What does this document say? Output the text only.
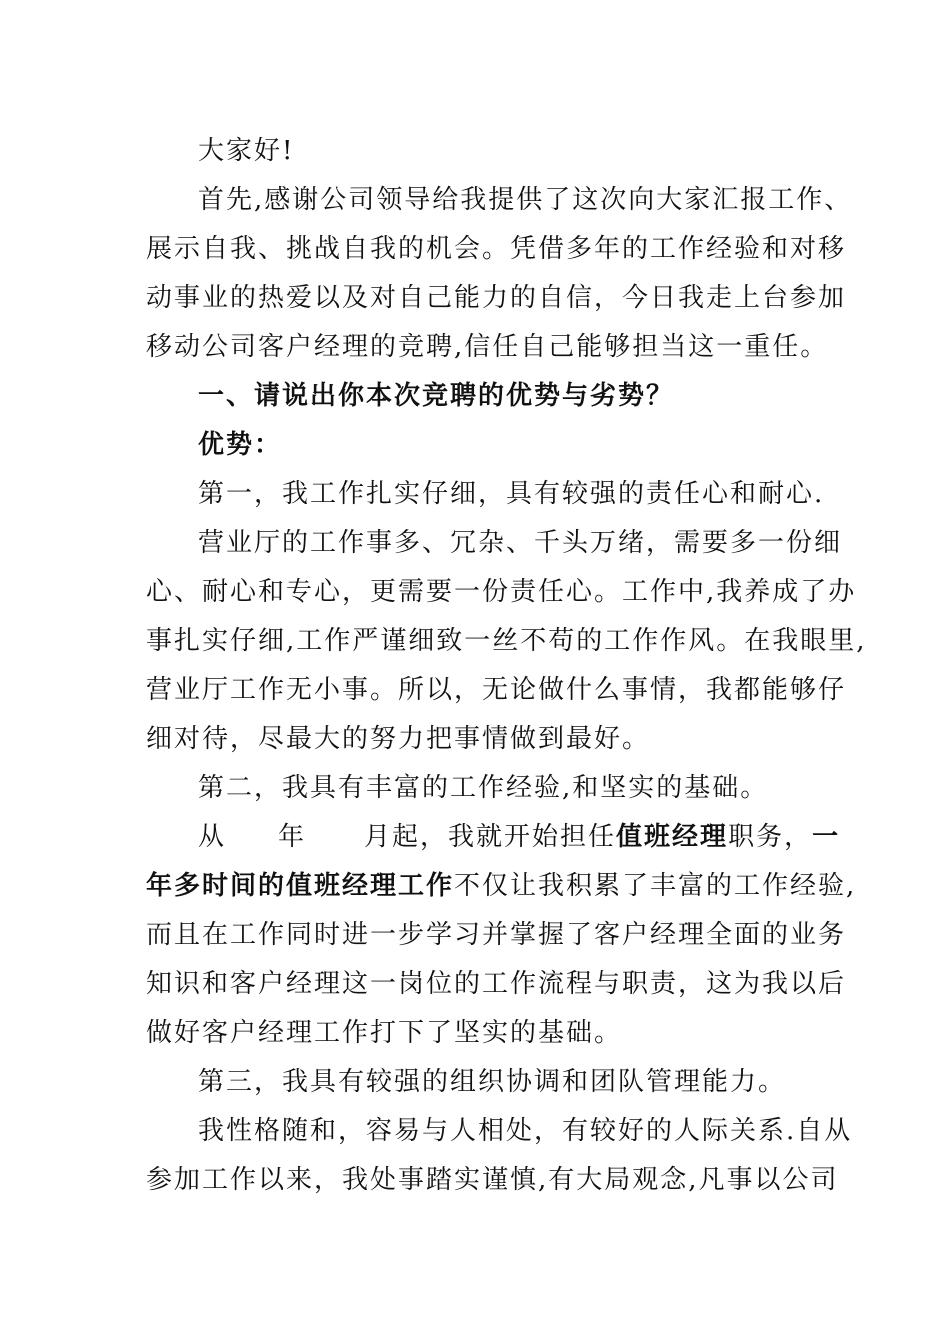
大家好!
首先,感谢公司领导给我提供了这次向大家汇报工作、
展示自我、挑战自我的机会。凭借多年的工作经验和对移
动事业的热爱以及对自己能力的自信，今日我走上台参加
移动公司客户经理的竞聘,信任自己能够担当这一重任。
一、请说出你本次竞聘的优势与劣势？
优势：
第一，我工作扎实仔细，具有较强的责任心和耐心.
营业厅的工作事多、冗杂、千头万绪，需要多一份细
心、耐心和专心，更需要一份责任心。工作中,我养成了办
事扎实仔细,工作严谨细致一丝不苟的工作作风。在我眼里,
营业厅工作无小事。所以，无论做什么事情，我都能够仔
细对待，尽最大的努力把事情做到最好。
第二，我具有丰富的工作经验,和坚实的基础。
从 年 月起，我就开始担任值班经理职务，一
年多时间的值班经理工作不仅让我积累了丰富的工作经验,
而且在工作同时进一步学习并掌握了客户经理全面的业务
知识和客户经理这一岗位的工作流程与职责，这为我以后
做好客户经理工作打下了坚实的基础。
第三，我具有较强的组织协调和团队管理能力。
我性格随和，容易与人相处，有较好的人际关系.自从
参加工作以来，我处事踏实谨慎,有大局观念,凡事以公司
